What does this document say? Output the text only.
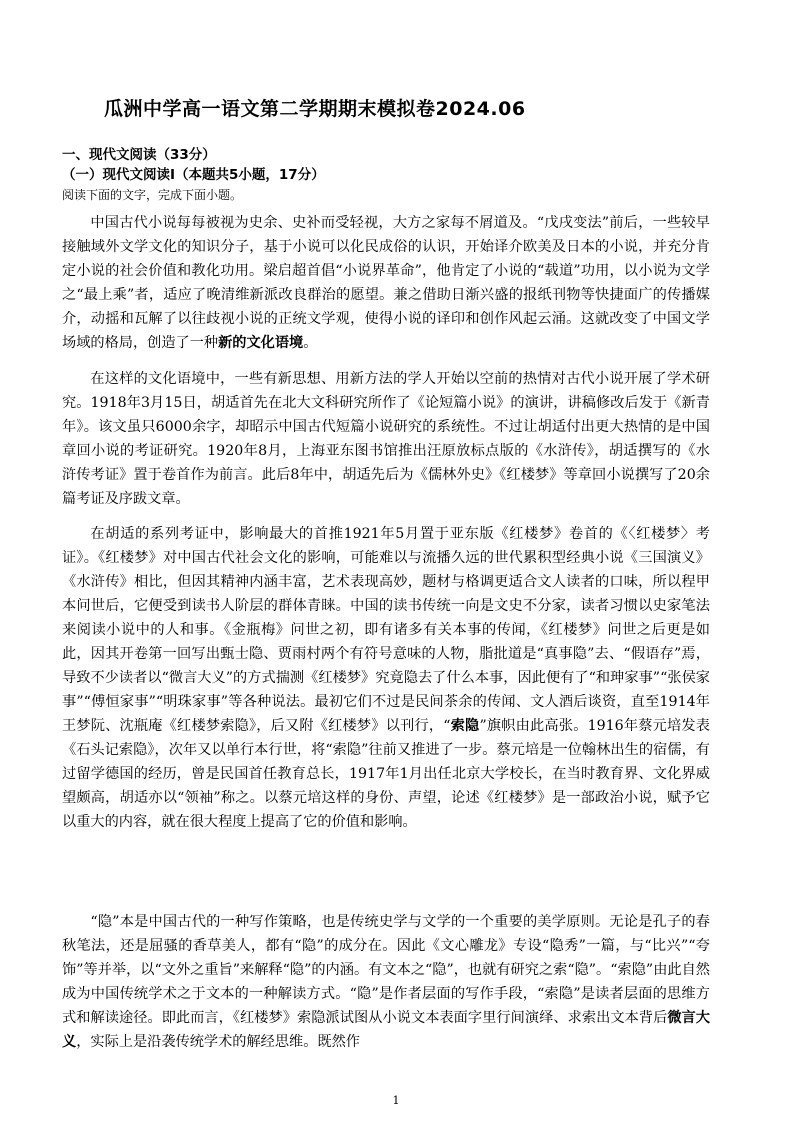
瓜洲中学高一语文第二学期期末模拟卷2024.06

一、现代文阅读（33分）

（一）现代文阅读Ⅰ（本题共5小题，17分）

阅读下面的文字，完成下面小题。

中国古代小说每每被视为史余、史补而受轻视，大方之家每不屑道及。“戊戌变法”前后，一些较早接触域外文学文化的知识分子，基于小说可以化民成俗的认识，开始译介欧美及日本的小说，并充分肯定小说的社会价值和教化功用。梁启超首倡“小说界革命”，他肯定了小说的“载道”功用，以小说为文学之“最上乘”者，适应了晚清维新派改良群治的愿望。兼之借助日渐兴盛的报纸刊物等快捷面广的传播媒介，动摇和瓦解了以往歧视小说的正统文学观，使得小说的译印和创作风起云涌。这就改变了中国文学场域的格局，创造了一种新的文化语境。

在这样的文化语境中，一些有新思想、用新方法的学人开始以空前的热情对古代小说开展了学术研究。1918年3月15日，胡适首先在北大文科研究所作了《论短篇小说》的演讲，讲稿修改后发于《新青年》。该文虽只6000余字，却昭示中国古代短篇小说研究的系统性。不过让胡适付出更大热情的是中国章回小说的考证研究。1920年8月，上海亚东图书馆推出汪原放标点版的《水浒传》，胡适撰写的《水浒传考证》置于卷首作为前言。此后8年中，胡适先后为《儒林外史》《红楼梦》等章回小说撰写了20余篇考证及序跋文章。

在胡适的系列考证中，影响最大的首推1921年5月置于亚东版《红楼梦》卷首的《〈红楼梦〉考证》。《红楼梦》对中国古代社会文化的影响，可能难以与流播久远的世代累积型经典小说《三国演义》《水浒传》相比，但因其精神内涵丰富，艺术表现高妙，题材与格调更适合文人读者的口味，所以程甲本问世后，它便受到读书人阶层的群体青睐。中国的读书传统一向是文史不分家，读者习惯以史家笔法来阅读小说中的人和事。《金瓶梅》问世之初，即有诸多有关本事的传闻，《红楼梦》问世之后更是如此，因其开卷第一回写出甄士隐、贾雨村两个有符号意味的人物，脂批道是“真事隐”去、“假语存”焉，导致不少读者以“微言大义”的方式揣测《红楼梦》究竟隐去了什么本事，因此便有了“和珅家事”“张侯家事”“傅恒家事”“明珠家事”等各种说法。最初它们不过是民间茶余的传闻、文人酒后谈资，直至1914年王梦阮、沈瓶庵《红楼梦索隐》，后又附《红楼梦》以刊行，“索隐”旗帜由此高张。1916年蔡元培发表《石头记索隐》，次年又以单行本行世，将“索隐”往前又推进了一步。蔡元培是一位翰林出生的宿儒，有过留学德国的经历，曾是民国首任教育总长，1917年1月出任北京大学校长，在当时教育界、文化界威望颇高，胡适亦以“领袖”称之。以蔡元培这样的身份、声望，论述《红楼梦》是一部政治小说，赋予它以重大的内容，就在很大程度上提高了它的价值和影响。

“隐”本是中国古代的一种写作策略，也是传统史学与文学的一个重要的美学原则。无论是孔子的春秋笔法，还是屈骚的香草美人，都有“隐”的成分在。因此《文心雕龙》专设“隐秀”一篇，与“比兴”“夸饰”等并举，以“文外之重旨”来解释“隐”的内涵。有文本之“隐”，也就有研究之索“隐”。“索隐”由此自然成为中国传统学术之于文本的一种解读方式。“隐”是作者层面的写作手段，“索隐”是读者层面的思维方式和解读途径。即此而言，《红楼梦》索隐派试图从小说文本表面字里行间演绎、求索出文本背后微言大义，实际上是沿袭传统学术的解经思维。既然作

1
